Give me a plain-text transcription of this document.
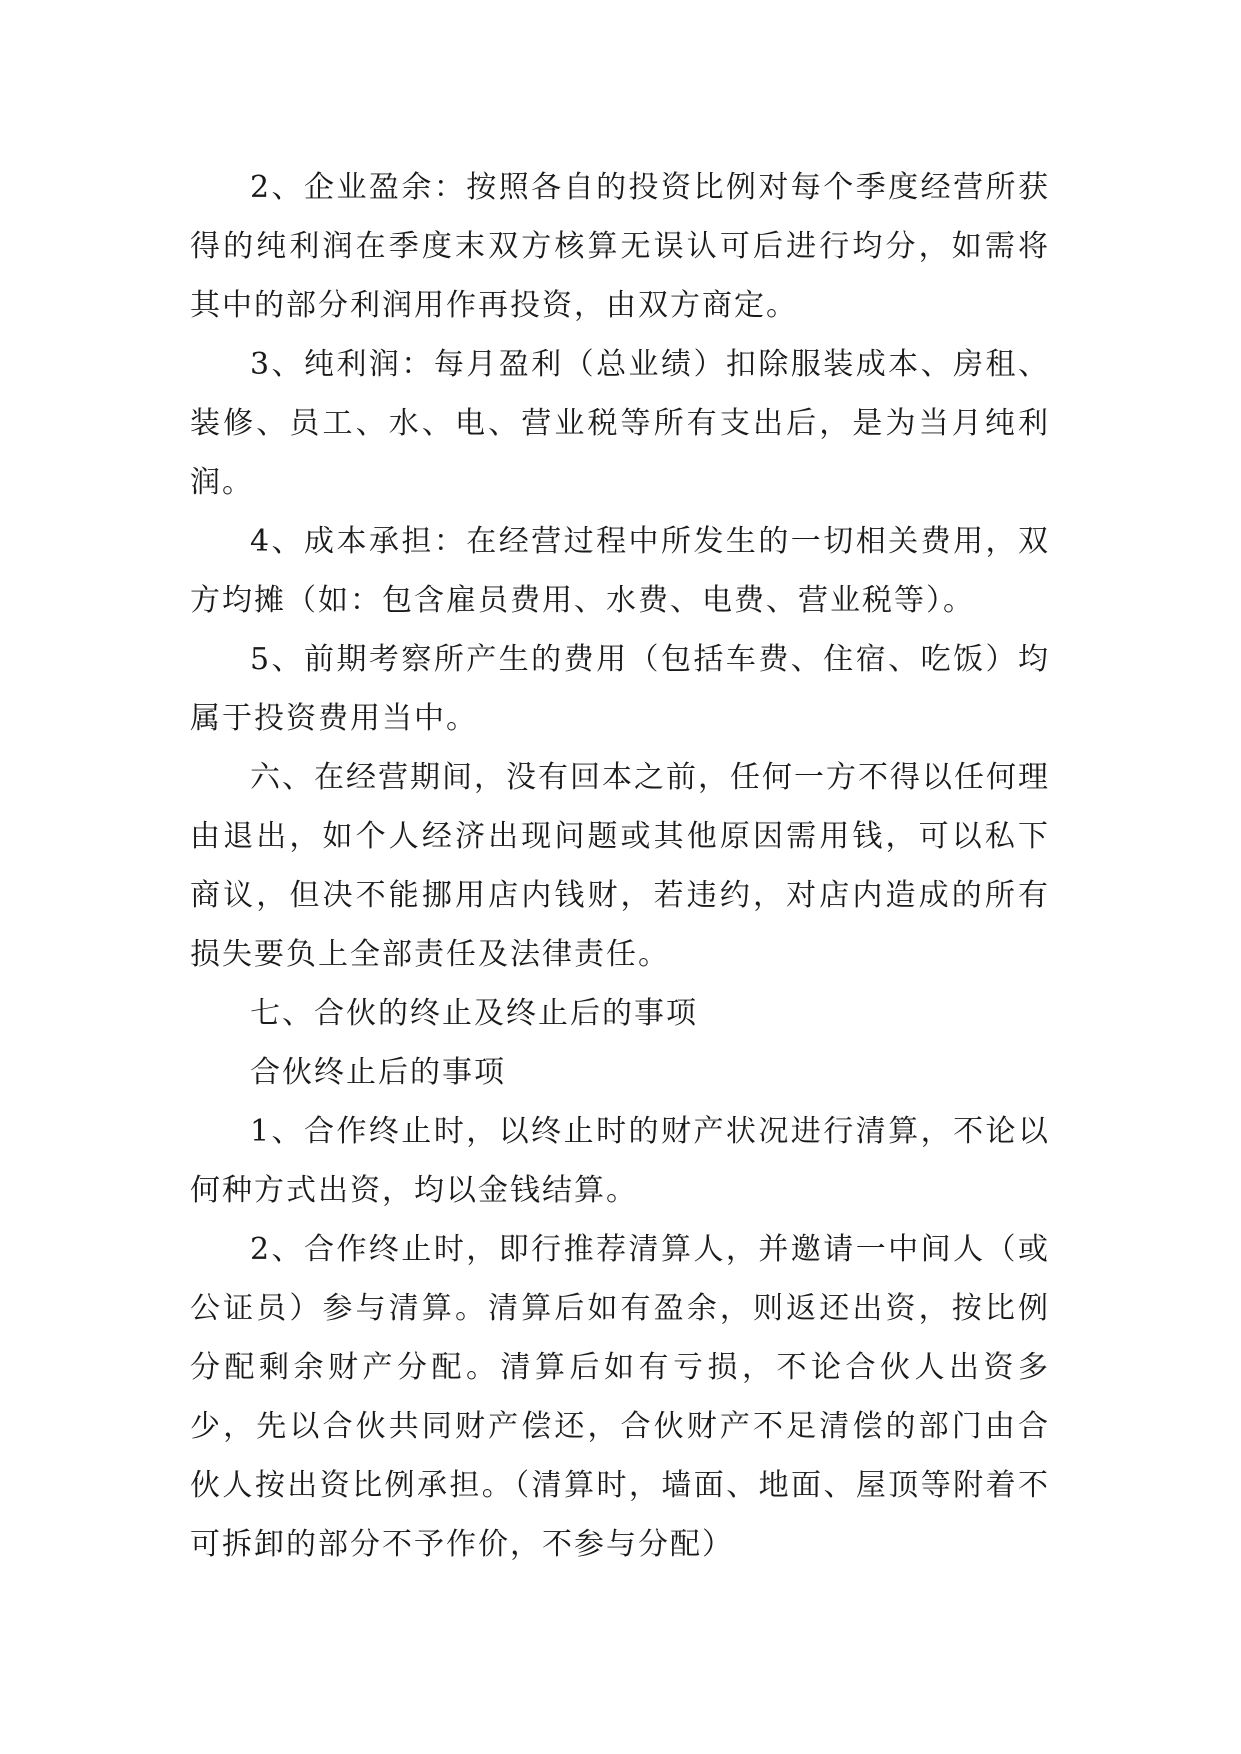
2、企业盈余：按照各自的投资比例对每个季度经营所获得的纯利润在季度末双方核算无误认可后进行均分，如需将其中的部分利润用作再投资，由双方商定。

3、纯利润：每月盈利（总业绩）扣除服装成本、房租、装修、员工、水、电、营业税等所有支出后，是为当月纯利润。

4、成本承担：在经营过程中所发生的一切相关费用，双方均摊（如：包含雇员费用、水费、电费、营业税等）。

5、前期考察所产生的费用（包括车费、住宿、吃饭）均属于投资费用当中。

六、在经营期间，没有回本之前，任何一方不得以任何理由退出，如个人经济出现问题或其他原因需用钱，可以私下商议，但决不能挪用店内钱财，若违约，对店内造成的所有损失要负上全部责任及法律责任。

七、合伙的终止及终止后的事项

合伙终止后的事项

1、合作终止时，以终止时的财产状况进行清算，不论以何种方式出资，均以金钱结算。

2、合作终止时，即行推荐清算人，并邀请一中间人（或公证员）参与清算。清算后如有盈余，则返还出资，按比例分配剩余财产分配。清算后如有亏损，不论合伙人出资多少，先以合伙共同财产偿还，合伙财产不足清偿的部门由合伙人按出资比例承担。（清算时，墙面、地面、屋顶等附着不可拆卸的部分不予作价，不参与分配）
